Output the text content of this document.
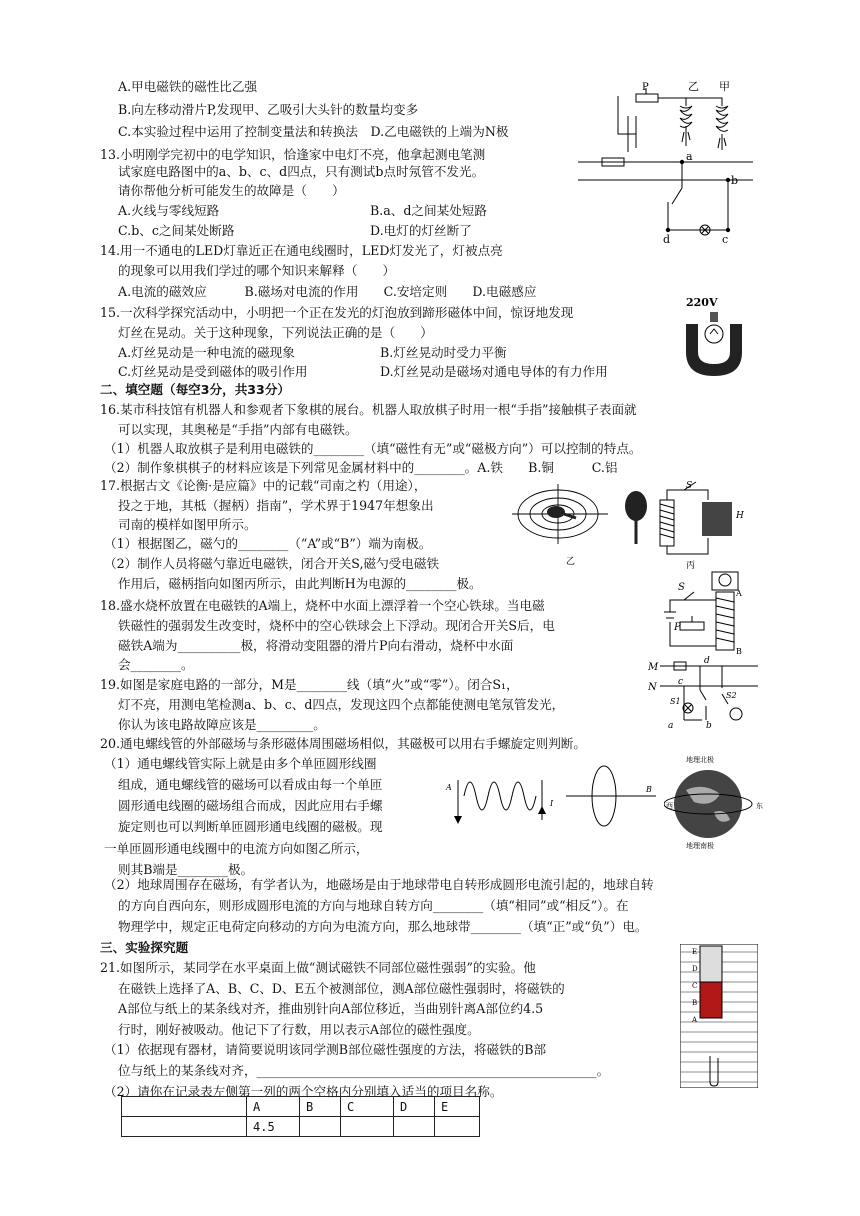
A.甲电磁铁的磁性比乙强
B.向左移动滑片P,发现甲、乙吸引大头针的数量均变多
C.本实验过程中运用了控制变量法和转换法　D.乙电磁铁的上端为N极
P	乙 甲
13.小明刚学完初中的电学知识，恰逢家中电灯不亮，他拿起测电笔测
试家庭电路图中的a、b、c、d四点，只有测试b点时氖管不发光。
请你帮他分析可能发生的故障是（　　）
A.火线与零线短路	B.a、d之间某处短路
C.b、c之间某处断路	D.电灯的灯丝断了
a
b
c
d
14.用一不通电的LED灯靠近正在通电线圈时，LED灯发光了，灯被点亮
的现象可以用我们学过的哪个知识来解释（　　）
A.电流的磁效应　　　B.磁场对电流的作用　　C.安培定则　　D.电磁感应
15.一次科学探究活动中，小明把一个正在发光的灯泡放到蹄形磁体中间，惊讶地发现
灯丝在晃动。关于这种现象，下列说法正确的是（　　）
A.灯丝晃动是一种电流的磁现象	B.灯丝晃动时受力平衡
C.灯丝晃动是受到磁体的吸引作用	D.灯丝晃动是磁场对通电导体的有力作用
220V
二、填空题（每空3分，共33分）
16.某市科技馆有机器人和参观者下象棋的展台。机器人取放棋子时用一根“手指”接触棋子表面就
可以实现，其奥秘是“手指”内部有电磁铁。
（1）机器人取放棋子是利用电磁铁的________（填“磁性有无”或“磁极方向”）可以控制的特点。
（2）制作象棋棋子的材料应该是下列常见金属材料中的________。A.铁　　B.铜　　　C.铝
17.根据古文《论衡·是应篇》中的记载“司南之杓（用途），
投之于地，其柢（握柄）指南”，学术界于1947年想象出
司南的模样如图甲所示。
（1）根据图乙，磁勺的________（“A”或“B”）端为南极。
（2）制作人员将磁勺靠近电磁铁，闭合开关S,磁勺受电磁铁
作用后，磁柄指向如图丙所示，由此判断H为电源的________极。
乙
S
H
丙
18.盛水烧杯放置在电磁铁的A端上，烧杯中水面上漂浮着一个空心铁球。当电磁
铁磁性的强弱发生改变时，烧杯中的空心铁球会上下浮动。现闭合开关S后，电
磁铁A端为__________极，将滑动变阻器的滑片P向右滑动，烧杯中水面
会________。
S
P
A
B
19.如图是家庭电路的一部分，M是________线（填“火”或“零”）。闭合S₁，
灯不亮，用测电笔检测a、b、c、d四点，发现这四个点都能使测电笔氖管发光，
你认为该电路故障应该是_________。
M
N c
d
a	b
S1
S2
20.通电螺线管的外部磁场与条形磁体周围磁场相似，其磁极可以用右手螺旋定则判断。
（1）通电螺线管实际上就是由多个单匝圆形线圈
组成，通电螺线管的磁场可以看成由每一个单匝
圆形通电线圈的磁场组合而成，因此应用右手螺
旋定则也可以判断单匝圆形通电线圈的磁极。现
一单匝圆形通电线圈中的电流方向如图乙所示，
则其B端是________极。
A
I
B
地理北极
地理南极
西	东
（2）地球周围存在磁场，有学者认为，地磁场是由于地球带电自转形成圆形电流引起的，地球自转
的方向自西向东，则形成圆形电流的方向与地球自转方向________（填“相同”或“相反”）。在
物理学中，规定正电荷定向移动的方向为电流方向，那么地球带________（填“正”或“负”）电。
三、实验探究题
21.如图所示，某同学在水平桌面上做“测试磁铁不同部位磁性强弱”的实验。他
在磁铁上选择了A、B、C、D、E五个被测部位，测A部位磁性强弱时，将磁铁的
A部位与纸上的某条线对齐，推曲别针向A部位移近，当曲别针离A部位约4.5
行时，刚好被吸动。他记下了行数，用以表示A部位的磁性强度。
（1）依据现有器材，请简要说明该同学测B部位磁性强度的方法，将磁铁的B部
位与纸上的某条线对齐，______________________________________________________。
（2）请你在记录表左侧第一列的两个空格内分别填入适当的项目名称。
E
D
C
B
A
	A	B	C	D	E
	4.5				
